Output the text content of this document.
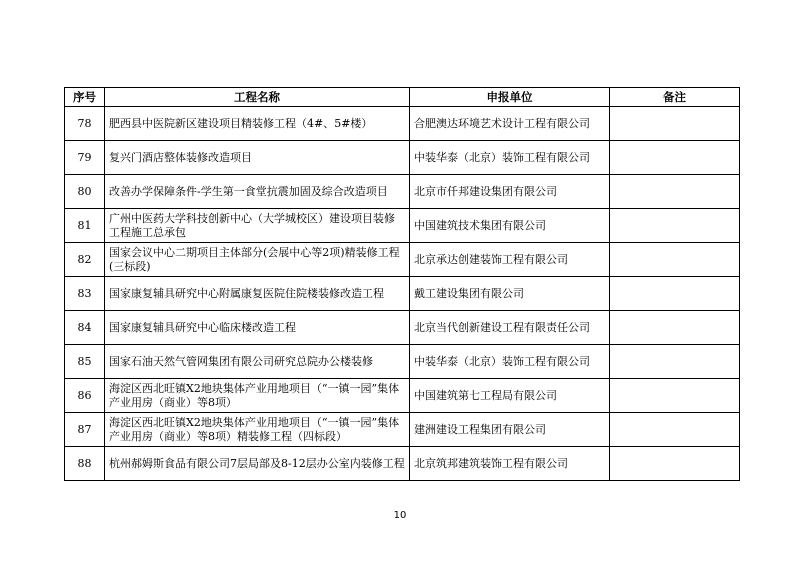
序号	工程名称	申报单位	备注
78	肥西县中医院新区建设项目精装修工程（4#、5#楼）	合肥澳达环境艺术设计工程有限公司	
79	复兴门酒店整体装修改造项目	中装华泰（北京）装饰工程有限公司	
80	改善办学保障条件-学生第一食堂抗震加固及综合改造项目	北京市仟邦建设集团有限公司	
81	广州中医药大学科技创新中心（大学城校区）建设项目装修工程施工总承包	中国建筑技术集团有限公司	
82	国家会议中心二期项目主体部分(会展中心等2项)精装修工程(三标段)	北京承达创建装饰工程有限公司	
83	国家康复辅具研究中心附属康复医院住院楼装修改造工程	戴工建设集团有限公司	
84	国家康复辅具研究中心临床楼改造工程	北京当代创新建设工程有限责任公司	
85	国家石油天然气管网集团有限公司研究总院办公楼装修	中装华泰（北京）装饰工程有限公司	
86	海淀区西北旺镇X2地块集体产业用地项目（“一镇一园”集体产业用房（商业）等8项）	中国建筑第七工程局有限公司	
87	海淀区西北旺镇X2地块集体产业用地项目（“一镇一园”集体产业用房（商业）等8项）精装修工程（四标段）	建洲建设工程集团有限公司	
88	杭州郝姆斯食品有限公司7层局部及8-12层办公室内装修工程	北京筑邦建筑装饰工程有限公司	
10
